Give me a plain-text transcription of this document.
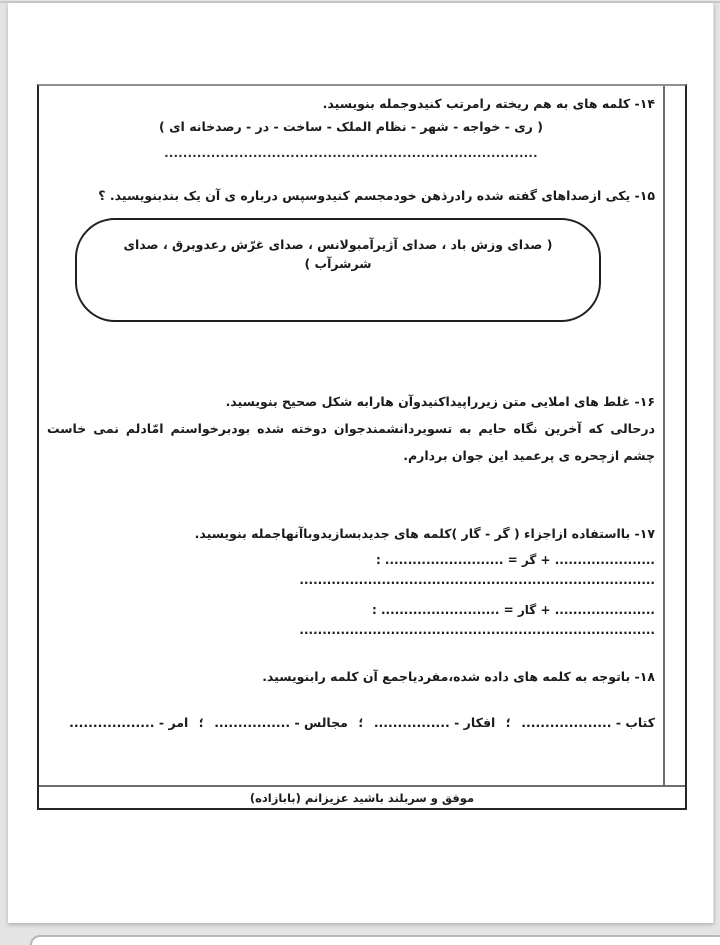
۱۴- کلمه های به هم ریخته رامرتب کنیدوجمله بنویسید.
( ری - خواجه - شهر - نظام الملک - ساخت - در - رصدخانه ای )
................................................................................
۱۵- یکی ازصداهای گفته شده رادرذهن خودمجسم کنیدوسپس درباره ی آن یک بندبنویسید. ؟
۱۶- غلط های املایی متن زیرراپیداکنیدوآن هارابه شکل صحیح بنویسید.
درحالی که آخرین نگاه حایم به تسویردانشمندجوان دوخته شده بودبرخواستم امّادلم نمی خاست چشم ازچحره ی پرعمید این جوان بردارم.
۱۷- بااستفاده ازاجزاء ( گر - گار )کلمه های جدیدبسازیدوباآنهاجمله بنویسید.
...................... + گر = .......................... : ..............................................................................
...................... + گار = .......................... : ..............................................................................
۱۸- باتوجه به کلمه های داده شده،مفردیاجمع آن کلمه رابنویسید.
کتاب - ...................
؛
افکار - ................
؛
مجالس - ................
؛
امر - ..................
( صدای وزش باد ، صدای آژیرآمبولانس ، صدای غرّش رعدوبرق ، صدای شرشرآب )
موفق و سربلند باشید عزیزانم (بابازاده)
